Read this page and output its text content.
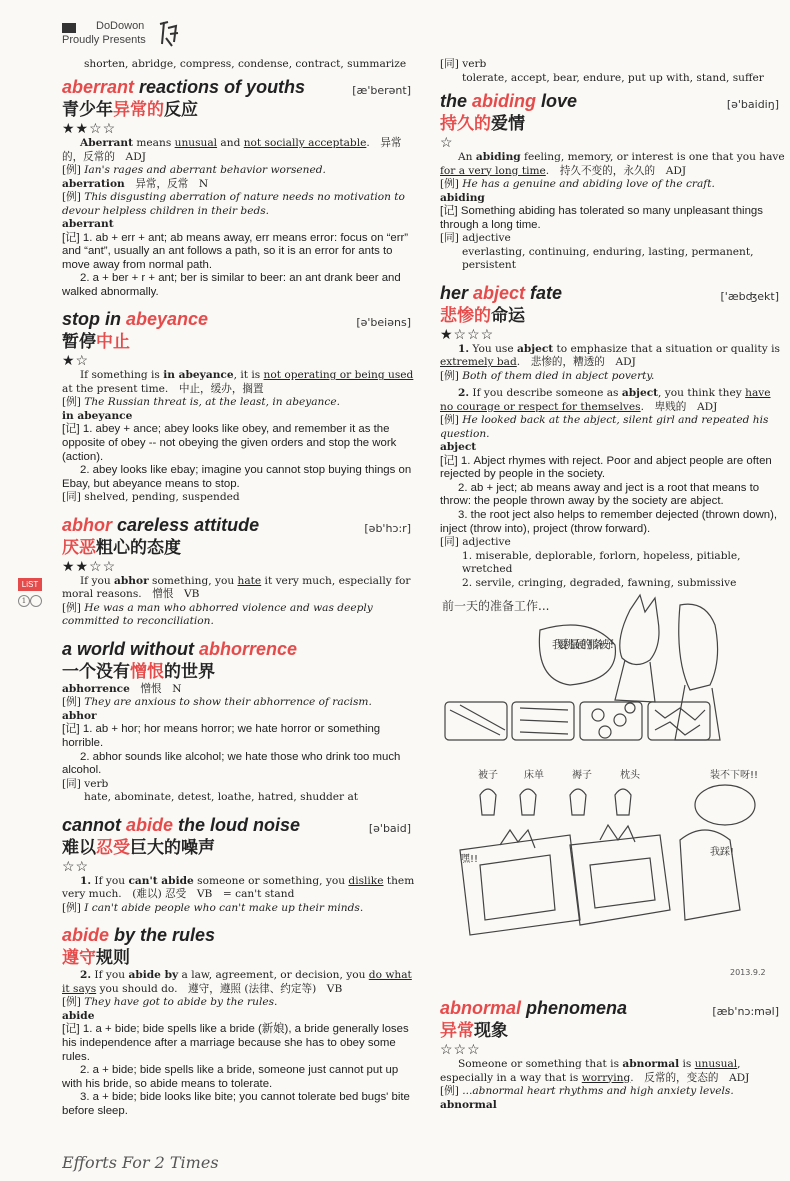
DoDowon
Proudly Presents
LiST
1
shorten, abridge, compress, condense, contract, summarize
aberrant reactions of youths	[æ'berənt]
青少年异常的反应
★★☆☆

Aberrant means unusual and not socially acceptable.　异常的，反常的　ADJ

[例] Ian's rages and aberrant behavior worsened.

aberration　异常，反常　N

[例] This disgusting aberration of nature needs no motivation to devour helpless children in their beds.

aberrant

[记] 1. ab + err + ant; ab means away, err means error: focus on “err” and “ant”, usually an ant follows a path, so it is an error for ants to move away from normal path.

2. a + ber + r + ant; ber is similar to beer: an ant drank beer and walked abnormally.

stop in abeyance	[ə'beiəns]
暂停中止
★☆

If something is in abeyance, it is not operating or being used at the present time.　中止，缓办，搁置

[例] The Russian threat is, at the least, in abeyance.

in abeyance

[记] 1. abey + ance; abey looks like obey, and remember it as the opposite of obey -- not obeying the given orders and stop the work (action).

2. abey looks like ebay; imagine you cannot stop buying things on Ebay, but abeyance means to stop.

[同] shelved, pending, suspended

abhor careless attitude	[əb'hɔ:r]
厌恶粗心的态度
★★☆☆

If you abhor something, you hate it very much, especially for moral reasons.　憎恨　VB

[例] He was a man who abhorred violence and was deeply committed to reconciliation.

a world without abhorrence
一个没有憎恨的世界

abhorrence　憎恨　N

[例] They are anxious to show their abhorrence of racism.

abhor

[记] 1. ab + hor; hor means horror; we hate horror or something horrible.

2. abhor sounds like alcohol; we hate those who drink too much alcohol.

[同] verb

hate, abominate, detest, loathe, hatred, shudder at

cannot abide the loud noise	[ə'baid]
难以忍受巨大的噪声
☆☆

1. If you can't abide someone or something, you dislike them very much.　(难以) 忍受　VB　= can't stand

[例] I can't abide people who can't make up their minds.

abide by the rules
遵守规则

2. If you abide by a law, agreement, or decision, you do what it says you should do.　遵守，遵照 (法律、约定等)　VB

[例] They have got to abide by the rules.

abide

[记] 1. a + bide; bide spells like a bride (新娘), a bride generally loses his independence after a marriage because she has to obey some rules.

2. a + bide; bide spells like a bride, someone just cannot put up with his bride, so abide means to tolerate.

3. a + bide; bide looks like bite; you cannot tolerate bed bugs' bite before sleep.

[同] verb

tolerate, accept, bear, endure, put up with, stand, suffer

the abiding love	[ə'baidiŋ]
持久的爱情
☆

An abiding feeling, memory, or interest is one that you have for a very long time.　持久不变的，永久的　ADJ

[例] He has a genuine and abiding love of the craft.

abiding

[记] Something abiding has tolerated so many unpleasant things through a long time.

[同] adjective

everlasting, continuing, enduring, lasting, permanent, persistent

her abject fate	['æbʤekt]
悲惨的命运
★☆☆☆

1. You use abject to emphasize that a situation or quality is extremely bad.　悲惨的，糟透的　ADJ

[例] Both of them died in abject poverty.

2. If you describe someone as abject, you think they have no courage or respect for themselves.　卑贱的　ADJ

[例] He looked back at the abject, silent girl and repeated his question.

abject

[记] 1. Abject rhymes with reject. Poor and abject people are often rejected by people in the society.

2. ab + ject; ab means away and ject is a root that means to throw: the people thrown away by the society are abject.

3. the root ject also helps to remember dejected (thrown down), inject (throw into), project (throw forward).

[同] adjective

1. miserable, deplorable, forlorn, hopeless, pitiable, wretched

2. servile, cringing, degraded, fawning, submissive

前一天的准备工作...
我要挑最硬的那条被子!
被子	床单	褥子	枕头	装不下呀!!
嘿!!
我踩!
2013.9.2
abnormal phenomena	[æb'nɔ:məl]
异常现象
☆☆☆

Someone or something that is abnormal is unusual, especially in a way that is worrying.　反常的，变态的　ADJ

[例] ...abnormal heart rhythms and high anxiety levels.

abnormal

Efforts For 2 Times
